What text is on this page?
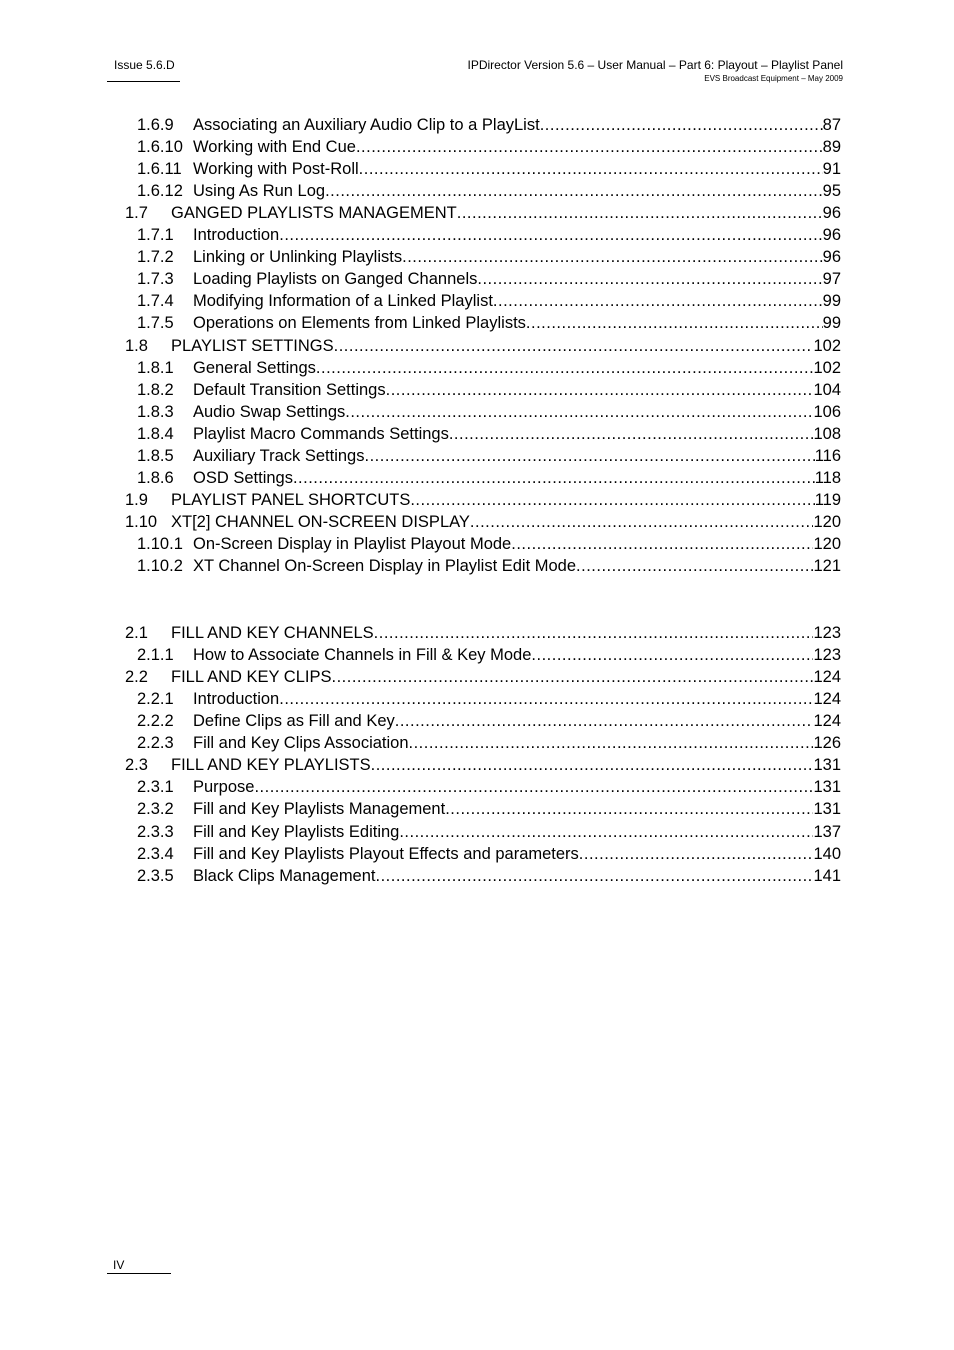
Issue 5.6.D	IPDirector Version 5.6 – User Manual – Part 6: Playout – Playlist Panel
EVS Broadcast Equipment – May 2009
1.6.9	Associating an Auxiliary Audio Clip to a PlayList .....	87
1.6.10 Working with End Cue .....	89
1.6.11 Working with Post-Roll .....	91
1.6.12 Using As Run Log .....	95
1.7	GANGED PLAYLISTS MANAGEMENT .....	96
1.7.1	Introduction .....	96
1.7.2	Linking or Unlinking Playlists .....	96
1.7.3	Loading Playlists on Ganged Channels .....	97
1.7.4	Modifying Information of a Linked Playlist .....	99
1.7.5	Operations on Elements from Linked Playlists .....	99
1.8	PLAYLIST SETTINGS .....	102
1.8.1	General Settings .....	102
1.8.2	Default Transition Settings .....	104
1.8.3	Audio Swap Settings .....	106
1.8.4	Playlist Macro Commands Settings .....	108
1.8.5	Auxiliary Track Settings .....	116
1.8.6	OSD Settings .....	118
1.9	PLAYLIST PANEL SHORTCUTS .....	119
1.10 XT[2] CHANNEL ON-SCREEN DISPLAY .....	120
1.10.1 On-Screen Display in Playlist Playout Mode .....	120
1.10.2 XT Channel On-Screen Display in Playlist Edit Mode .....	121
2.1	FILL AND KEY CHANNELS .....	123
2.1.1	How to Associate Channels in Fill & Key Mode .....	123
2.2	FILL AND KEY CLIPS .....	124
2.2.1	Introduction .....	124
2.2.2	Define Clips as Fill and Key .....	124
2.2.3	Fill and Key Clips Association .....	126
2.3	FILL AND KEY PLAYLISTS .....	131
2.3.1	Purpose .....	131
2.3.2	Fill and Key Playlists Management .....	131
2.3.3	Fill and Key Playlists Editing .....	137
2.3.4	Fill and Key Playlists Playout Effects and parameters .....	140
2.3.5	Black Clips Management .....	141
IV
